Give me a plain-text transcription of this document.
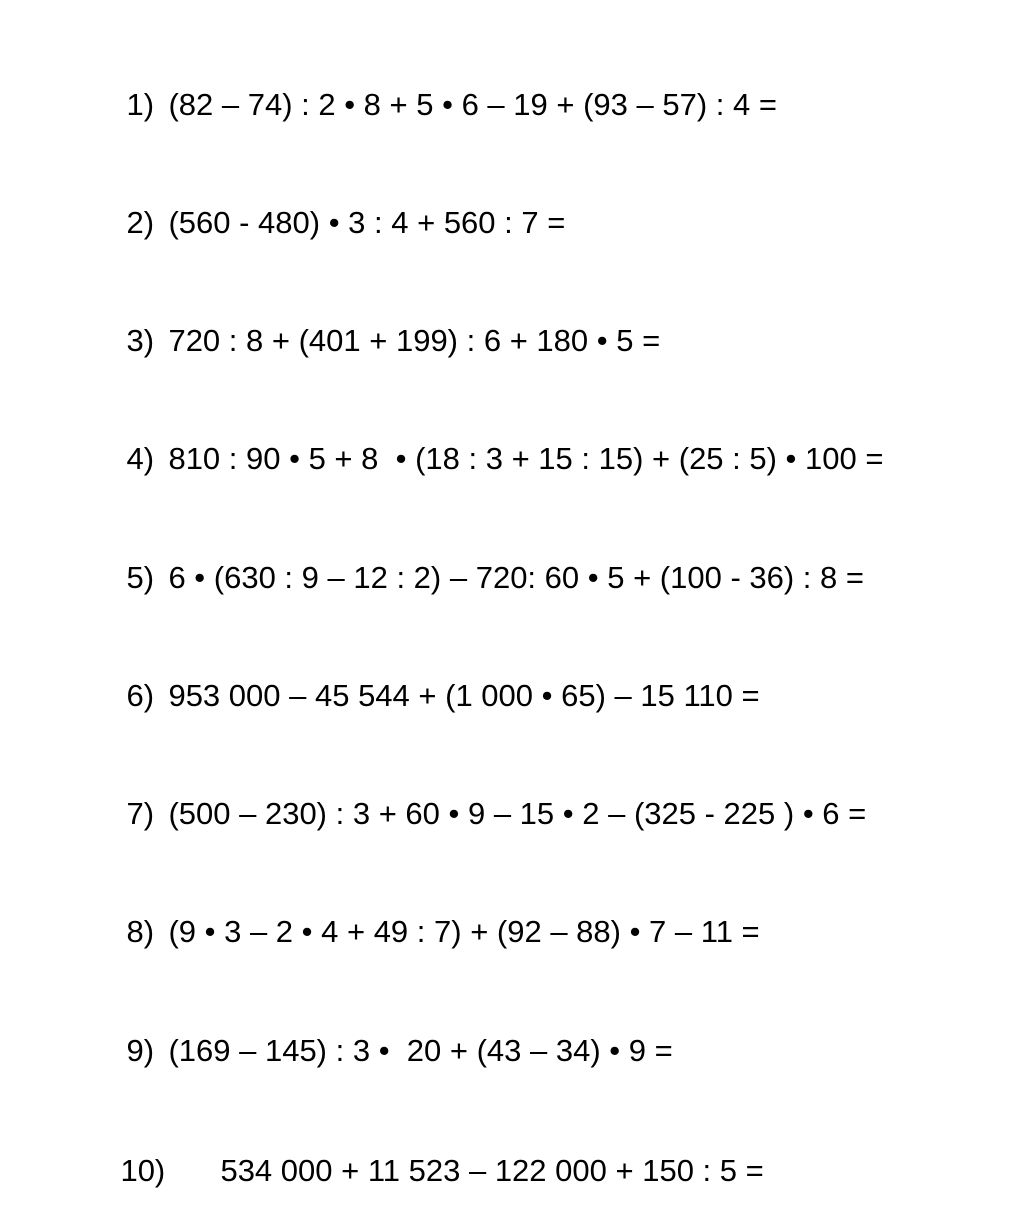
1) (82 – 74) : 2 • 8 + 5 • 6 – 19 + (93 – 57) : 4 =

2) (560 - 480) • 3 : 4 + 560 : 7 =

3) 720 : 8 + (401 + 199) : 6 + 180 • 5 =

4) 810 : 90 • 5 + 8  • (18 : 3 + 15 : 15) + (25 : 5) • 100 =

5) 6 • (630 : 9 – 12 : 2) – 720: 60 • 5 + (100 - 36) : 8 =

6) 953 000 – 45 544 + (1 000 • 65) – 15 110 =

7) (500 – 230) : 3 + 60 • 9 – 15 • 2 – (325 - 225 ) • 6 =

8) (9 • 3 – 2 • 4 + 49 : 7) + (92 – 88) • 7 – 11 =

9) (169 – 145) : 3 •  20 + (43 – 34) • 9 =

10) 534 000 + 11 523 – 122 000 + 150 : 5 =
